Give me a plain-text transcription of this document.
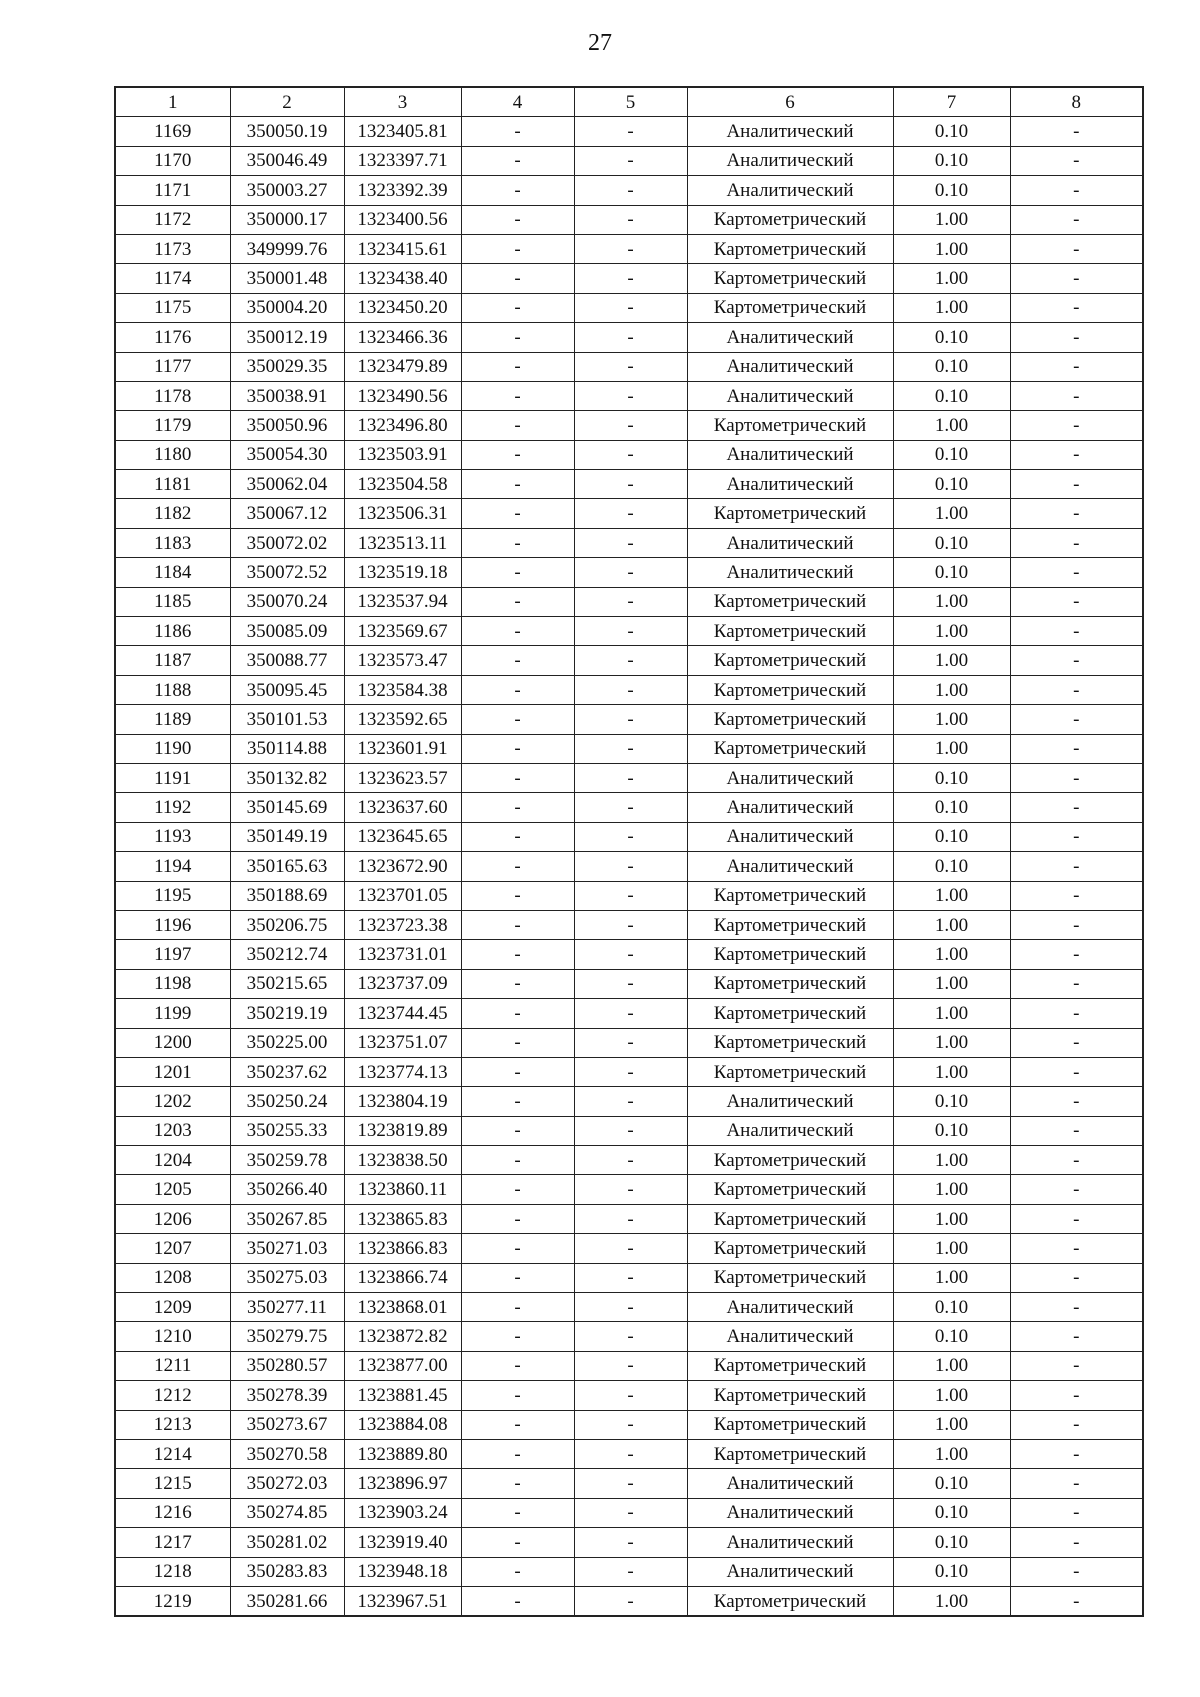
27
1	2	3	4	5	6	7	8
1169	350050.19	1323405.81	-	-	Аналитический	0.10	-
1170	350046.49	1323397.71	-	-	Аналитический	0.10	-
1171	350003.27	1323392.39	-	-	Аналитический	0.10	-
1172	350000.17	1323400.56	-	-	Картометрический	1.00	-
1173	349999.76	1323415.61	-	-	Картометрический	1.00	-
1174	350001.48	1323438.40	-	-	Картометрический	1.00	-
1175	350004.20	1323450.20	-	-	Картометрический	1.00	-
1176	350012.19	1323466.36	-	-	Аналитический	0.10	-
1177	350029.35	1323479.89	-	-	Аналитический	0.10	-
1178	350038.91	1323490.56	-	-	Аналитический	0.10	-
1179	350050.96	1323496.80	-	-	Картометрический	1.00	-
1180	350054.30	1323503.91	-	-	Аналитический	0.10	-
1181	350062.04	1323504.58	-	-	Аналитический	0.10	-
1182	350067.12	1323506.31	-	-	Картометрический	1.00	-
1183	350072.02	1323513.11	-	-	Аналитический	0.10	-
1184	350072.52	1323519.18	-	-	Аналитический	0.10	-
1185	350070.24	1323537.94	-	-	Картометрический	1.00	-
1186	350085.09	1323569.67	-	-	Картометрический	1.00	-
1187	350088.77	1323573.47	-	-	Картометрический	1.00	-
1188	350095.45	1323584.38	-	-	Картометрический	1.00	-
1189	350101.53	1323592.65	-	-	Картометрический	1.00	-
1190	350114.88	1323601.91	-	-	Картометрический	1.00	-
1191	350132.82	1323623.57	-	-	Аналитический	0.10	-
1192	350145.69	1323637.60	-	-	Аналитический	0.10	-
1193	350149.19	1323645.65	-	-	Аналитический	0.10	-
1194	350165.63	1323672.90	-	-	Аналитический	0.10	-
1195	350188.69	1323701.05	-	-	Картометрический	1.00	-
1196	350206.75	1323723.38	-	-	Картометрический	1.00	-
1197	350212.74	1323731.01	-	-	Картометрический	1.00	-
1198	350215.65	1323737.09	-	-	Картометрический	1.00	-
1199	350219.19	1323744.45	-	-	Картометрический	1.00	-
1200	350225.00	1323751.07	-	-	Картометрический	1.00	-
1201	350237.62	1323774.13	-	-	Картометрический	1.00	-
1202	350250.24	1323804.19	-	-	Аналитический	0.10	-
1203	350255.33	1323819.89	-	-	Аналитический	0.10	-
1204	350259.78	1323838.50	-	-	Картометрический	1.00	-
1205	350266.40	1323860.11	-	-	Картометрический	1.00	-
1206	350267.85	1323865.83	-	-	Картометрический	1.00	-
1207	350271.03	1323866.83	-	-	Картометрический	1.00	-
1208	350275.03	1323866.74	-	-	Картометрический	1.00	-
1209	350277.11	1323868.01	-	-	Аналитический	0.10	-
1210	350279.75	1323872.82	-	-	Аналитический	0.10	-
1211	350280.57	1323877.00	-	-	Картометрический	1.00	-
1212	350278.39	1323881.45	-	-	Картометрический	1.00	-
1213	350273.67	1323884.08	-	-	Картометрический	1.00	-
1214	350270.58	1323889.80	-	-	Картометрический	1.00	-
1215	350272.03	1323896.97	-	-	Аналитический	0.10	-
1216	350274.85	1323903.24	-	-	Аналитический	0.10	-
1217	350281.02	1323919.40	-	-	Аналитический	0.10	-
1218	350283.83	1323948.18	-	-	Аналитический	0.10	-
1219	350281.66	1323967.51	-	-	Картометрический	1.00	-
